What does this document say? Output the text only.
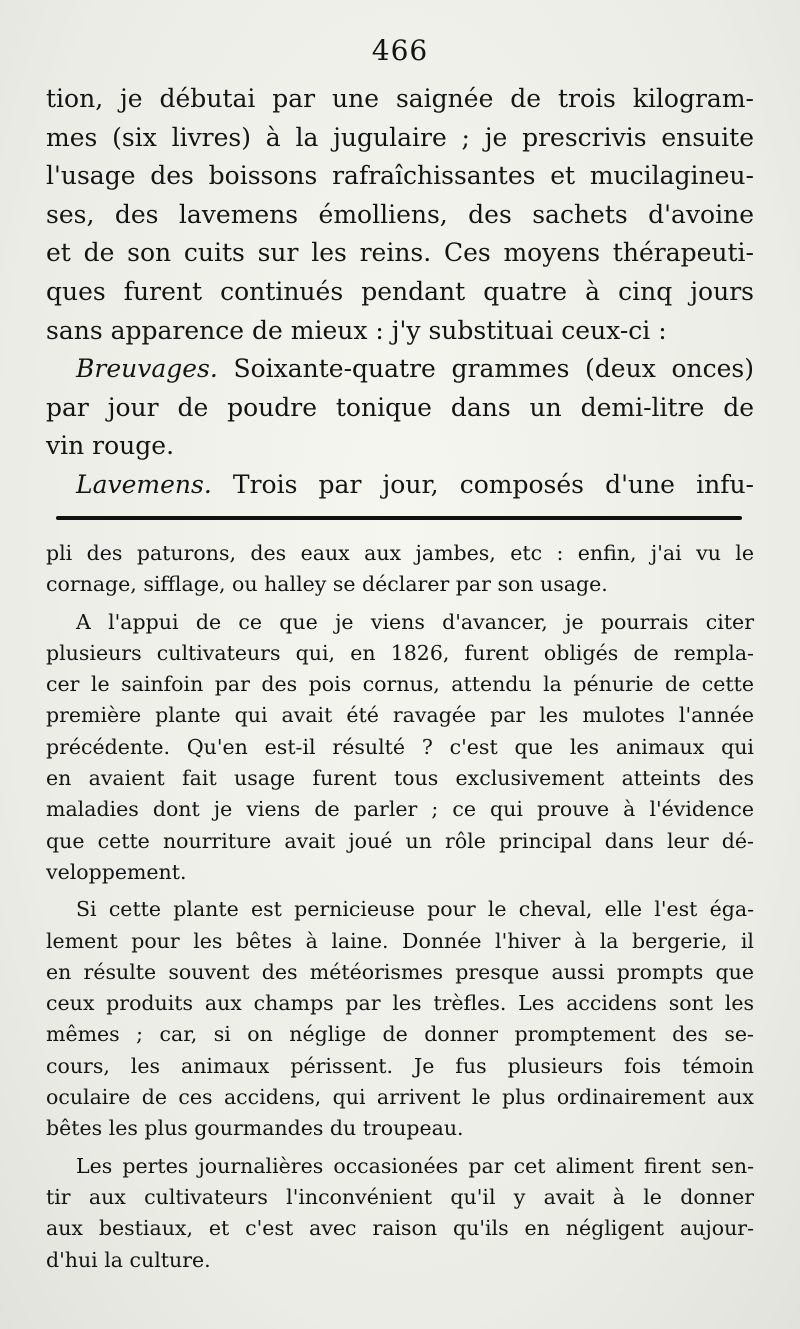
466
tion, je débutai par une saignée de trois kilogram-
mes (six livres) à la jugulaire ; je prescrivis ensuite
l'usage des boissons rafraîchissantes et mucilagineu-
ses, des lavemens émolliens, des sachets d'avoine
et de son cuits sur les reins. Ces moyens thérapeuti-
ques furent continués pendant quatre à cinq jours
sans apparence de mieux : j'y substituai ceux-ci :
Breuvages. Soixante-quatre grammes (deux onces)
par jour de poudre tonique dans un demi-litre de
vin rouge.
Lavemens. Trois par jour, composés d'une infu-
pli des paturons, des eaux aux jambes, etc : enfin, j'ai vu le
cornage, sifflage, ou halley se déclarer par son usage.
A l'appui de ce que je viens d'avancer, je pourrais citer
plusieurs cultivateurs qui, en 1826, furent obligés de rempla-
cer le sainfoin par des pois cornus, attendu la pénurie de cette
première plante qui avait été ravagée par les mulotes l'année
précédente. Qu'en est-il résulté ? c'est que les animaux qui
en avaient fait usage furent tous exclusivement atteints des
maladies dont je viens de parler ; ce qui prouve à l'évidence
que cette nourriture avait joué un rôle principal dans leur dé-
veloppement.
Si cette plante est pernicieuse pour le cheval, elle l'est éga-
lement pour les bêtes à laine. Donnée l'hiver à la bergerie, il
en résulte souvent des météorismes presque aussi prompts que
ceux produits aux champs par les trèfles. Les accidens sont les
mêmes ; car, si on néglige de donner promptement des se-
cours, les animaux périssent. Je fus plusieurs fois témoin
oculaire de ces accidens, qui arrivent le plus ordinairement aux
bêtes les plus gourmandes du troupeau.
Les pertes journalières occasionées par cet aliment firent sen-
tir aux cultivateurs l'inconvénient qu'il y avait à le donner
aux bestiaux, et c'est avec raison qu'ils en négligent aujour-
d'hui la culture.
